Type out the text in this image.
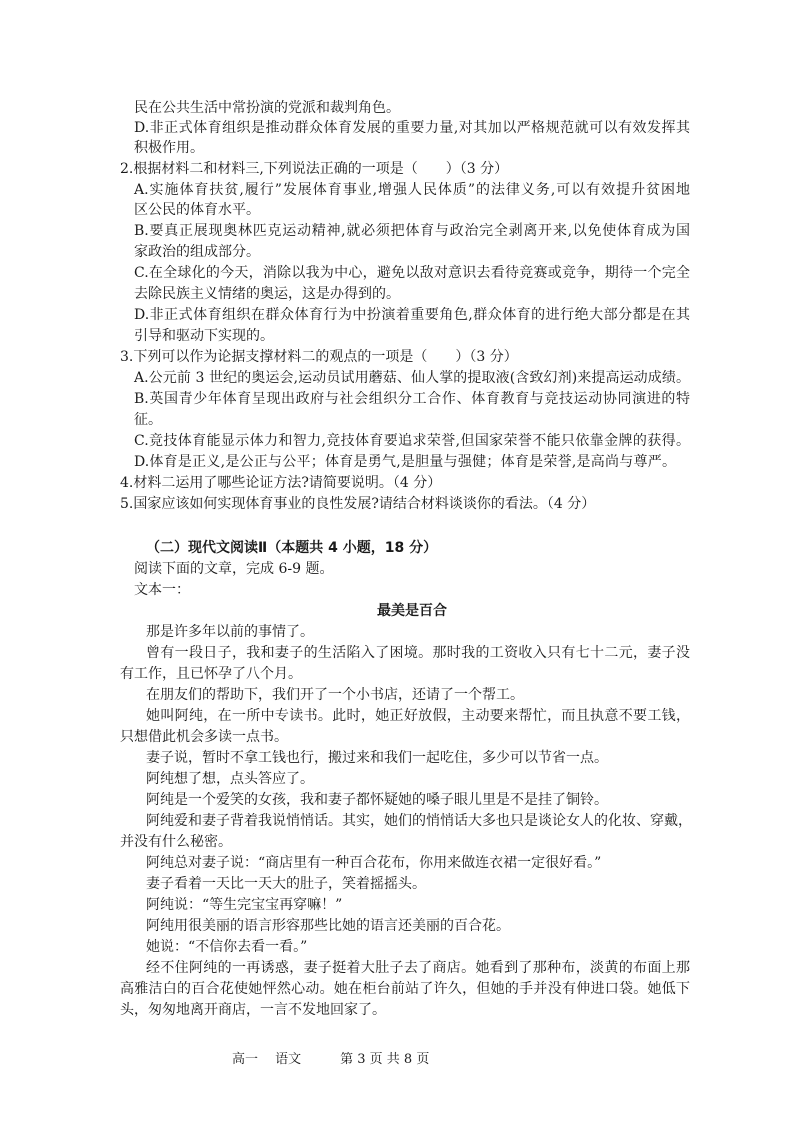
民在公共生活中常扮演的党派和裁判角色。
D.非正式体育组织是推动群众体育发展的重要力量,对其加以严格规范就可以有效发挥其
积极作用。
2.根据材料二和材料三,下列说法正确的一项是（　　）（3 分）
A.实施体育扶贫,履行”发展体育事业,增强人民体质”的法律义务,可以有效提升贫困地
区公民的体育水平。
B.要真正展现奥林匹克运动精神,就必须把体育与政治完全剥离开来,以免使体育成为国
家政治的组成部分。
C.在全球化的今天，消除以我为中心，避免以敌对意识去看待竞赛或竞争，期待一个完全
去除民族主义情绪的奥运，这是办得到的。
D.非正式体育组织在群众体育行为中扮演着重要角色,群众体育的进行绝大部分都是在其
引导和驱动下实现的。
3.下列可以作为论据支撑材料二的观点的一项是（　　）（3 分）
A.公元前 3 世纪的奥运会,运动员试用蘑菇、仙人掌的提取液(含致幻剂)来提高运动成绩。
B.英国青少年体育呈现出政府与社会组织分工合作、体育教育与竞技运动协同演进的特
征。
C.竞技体育能显示体力和智力,竞技体育要追求荣誉,但国家荣誉不能只依靠金牌的获得。
D.体育是正义,是公正与公平；体育是勇气,是胆量与强健；体育是荣誉,是高尚与尊严。
4.材料二运用了哪些论证方法?请简要说明。（4 分）
5.国家应该如何实现体育事业的良性发展?请结合材料谈谈你的看法。（4 分）
（二）现代文阅读Ⅱ（本题共 4 小题，18 分）
阅读下面的文章，完成 6-9 题。
文本一：
最美是百合
那是许多年以前的事情了。
曾有一段日子，我和妻子的生活陷入了困境。那时我的工资收入只有七十二元，妻子没
有工作，且已怀孕了八个月。
在朋友们的帮助下，我们开了一个小书店，还请了一个帮工。
她叫阿纯，在一所中专读书。此时，她正好放假，主动要来帮忙，而且执意不要工钱，
只想借此机会多读一点书。
妻子说，暂时不拿工钱也行，搬过来和我们一起吃住，多少可以节省一点。
阿纯想了想，点头答应了。
阿纯是一个爱笑的女孩，我和妻子都怀疑她的嗓子眼儿里是不是挂了铜铃。
阿纯爱和妻子背着我说悄悄话。其实，她们的悄悄话大多也只是谈论女人的化妆、穿戴，
并没有什么秘密。
阿纯总对妻子说：“商店里有一种百合花布，你用来做连衣裙一定很好看。”
妻子看着一天比一天大的肚子，笑着摇摇头。
阿纯说：“等生完宝宝再穿嘛！”
阿纯用很美丽的语言形容那些比她的语言还美丽的百合花。
她说：“不信你去看一看。”
经不住阿纯的一再诱惑，妻子挺着大肚子去了商店。她看到了那种布，淡黄的布面上那
高雅洁白的百合花使她怦然心动。她在柜台前站了许久，但她的手并没有伸进口袋。她低下
头，匆匆地离开商店，一言不发地回家了。
高一　 语文　　　第 3 页 共 8 页
